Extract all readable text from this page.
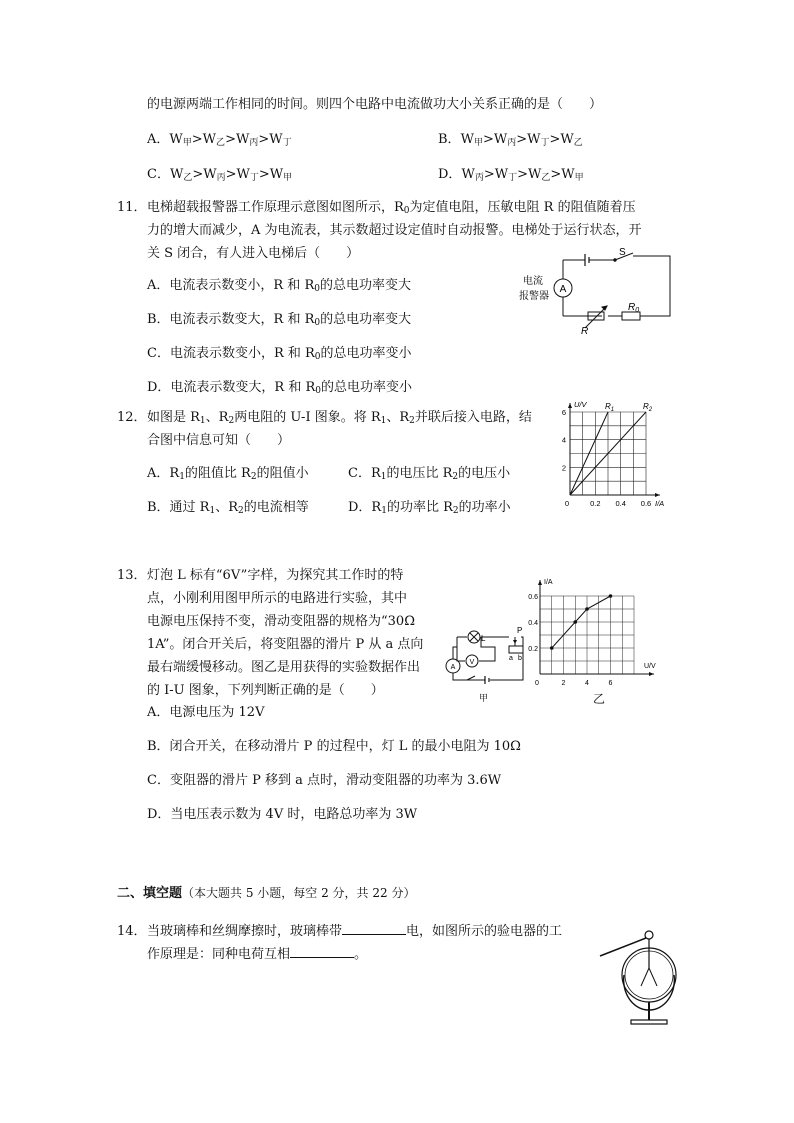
的电源两端工作相同的时间。则四个电路中电流做功大小关系正确的是（　　）
A．$W_甲>W_乙>W_丙>W_丁$	B．$W_甲>W_丙>W_丁>W_乙$
C．$W_乙>W_丙>W_丁>W_甲$	D．$W_丙>W_丁>W_乙>W_甲$
11． 电梯超载报警器工作原理示意图如图所示，$R_0$为定值电阻，压敏电阻 R 的阻值随着压
力的增大而减少，A 为电流表，其示数超过设定值时自动报警。电梯处于运行状态，开
关 S 闭合，有人进入电梯后（　　）
A．电流表示数变小，R 和 $R_0$的总电功率变大
B．电流表示数变大，R 和 $R_0$的总电功率变大
C．电流表示数变小，R 和 $R_0$的总电功率变小
D．电流表示数变大，R 和 $R_0$的总电功率变小
A
电流
报警器
S
R
$R_0$
12． 如图是 $R_1$、$R_2$两电阻的 U-I 图象。将 $R_1$、$R_2$并联后接入电路，结
合图中信息可知（　　）
A．$R_1$的阻值比 $R_2$的阻值小	C．$R_1$的电压比 $R_2$的电压小
B．通过 $R_1$、$R_2$的电流相等	D．$R_1$的功率比 $R_2$的功率小
$R_1$	$R_2$
0.2 0.4 0.6
2
4
6
0
U/V
I/A
13． 灯泡 L 标有“6V”字样，为探究其工作时的特
点，小刚利用图甲所示的电路进行实验，其中
电源电压保持不变，滑动变阻器的规格为“30Ω
1A”。闭合开关后，将变阻器的滑片 P 从 a 点向
最右端缓慢移动。图乙是用获得的实验数据作出
的 I-U 图象，下列判断正确的是（　　）
A．电源电压为 12V
B．闭合开关，在移动滑片 P 的过程中，灯 L 的最小电阻为 10Ω
C．变阻器的滑片 P 移到 a 点时，滑动变阻器的功率为 3.6W
D．当电压表示数为 4V 时，电路总功率为 3W
L
V
A
P
a b
甲
2	4	6
0.2
0.4
0.6
0
I/A
U/V
乙
二、填空题（本大题共 5 小题，每空 2 分，共 22 分）
14． 当玻璃棒和丝绸摩擦时，玻璃棒带	电，如图所示的验电器的工
作原理是：同种电荷互相	。
